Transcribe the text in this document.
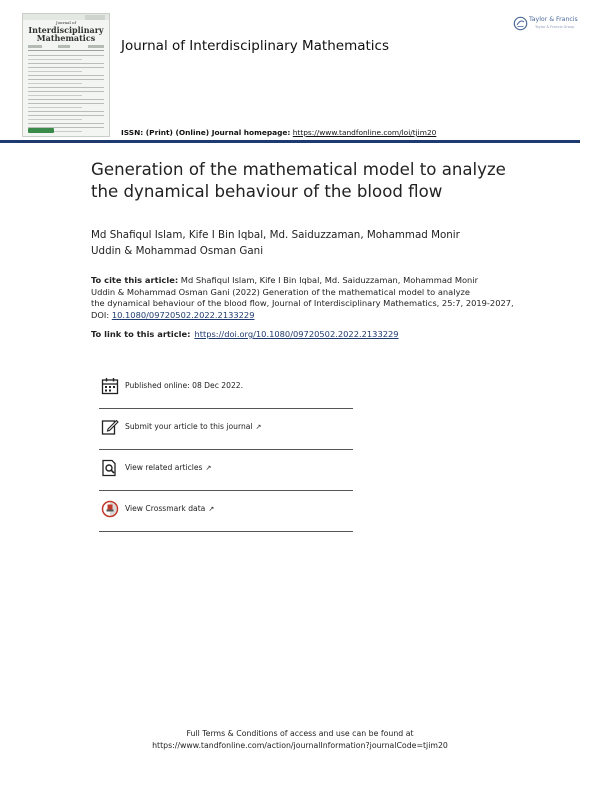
Journal of
Interdisciplinary
Mathematics	Journal of Interdisciplinary Mathematics
Taylor & Francis
Taylor & Francis Group
ISSN: (Print) (Online) Journal homepage: https://www.tandfonline.com/loi/tjim20
Generation of the mathematical model to analyze
the dynamical behaviour of the blood flow
Md Shafiqul Islam, Kife I Bin Iqbal, Md. Saiduzzaman, Mohammad Monir
Uddin & Mohammad Osman Gani
To cite this article: Md Shafiqul Islam, Kife I Bin Iqbal, Md. Saiduzzaman, Mohammad Monir
Uddin & Mohammad Osman Gani (2022) Generation of the mathematical model to analyze
the dynamical behaviour of the blood flow, Journal of Interdisciplinary Mathematics, 25:7, 2019-2027,
DOI: 10.1080/09720502.2022.2133229
To link to this article: https://doi.org/10.1080/09720502.2022.2133229
Published online: 08 Dec 2022.
Submit your article to this journal ↗
View related articles ↗
View Crossmark data ↗
Full Terms & Conditions of access and use can be found at
https://www.tandfonline.com/action/journalInformation?journalCode=tjim20
